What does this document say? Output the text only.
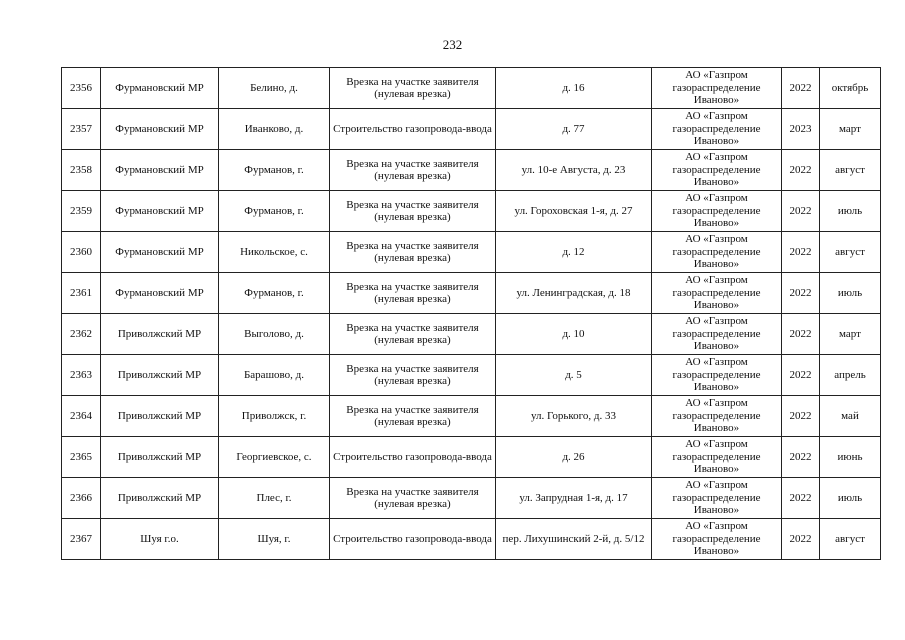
232
2356	Фурмановский МР	Белино, д.	Врезка на участке заявителя (нулевая врезка)	д. 16	АО «Газпром газораспределение Иваново»	2022	октябрь
2357	Фурмановский МР	Иванково, д.	Строительство газопровода-ввода	д. 77	АО «Газпром газораспределение Иваново»	2023	март
2358	Фурмановский МР	Фурманов, г.	Врезка на участке заявителя (нулевая врезка)	ул. 10-е Августа, д. 23	АО «Газпром газораспределение Иваново»	2022	август
2359	Фурмановский МР	Фурманов, г.	Врезка на участке заявителя (нулевая врезка)	ул. Гороховская 1-я, д. 27	АО «Газпром газораспределение Иваново»	2022	июль
2360	Фурмановский МР	Никольское, с.	Врезка на участке заявителя (нулевая врезка)	д. 12	АО «Газпром газораспределение Иваново»	2022	август
2361	Фурмановский МР	Фурманов, г.	Врезка на участке заявителя (нулевая врезка)	ул. Ленинградская, д. 18	АО «Газпром газораспределение Иваново»	2022	июль
2362	Приволжский МР	Выголово, д.	Врезка на участке заявителя (нулевая врезка)	д. 10	АО «Газпром газораспределение Иваново»	2022	март
2363	Приволжский МР	Барашово, д.	Врезка на участке заявителя (нулевая врезка)	д. 5	АО «Газпром газораспределение Иваново»	2022	апрель
2364	Приволжский МР	Приволжск, г.	Врезка на участке заявителя (нулевая врезка)	ул. Горького, д. 33	АО «Газпром газораспределение Иваново»	2022	май
2365	Приволжский МР	Георгиевское, с.	Строительство газопровода-ввода	д. 26	АО «Газпром газораспределение Иваново»	2022	июнь
2366	Приволжский МР	Плес, г.	Врезка на участке заявителя (нулевая врезка)	ул. Запрудная 1-я, д. 17	АО «Газпром газораспределение Иваново»	2022	июль
2367	Шуя г.о.	Шуя, г.	Строительство газопровода-ввода	пер. Лихушинский 2-й, д. 5/12	АО «Газпром газораспределение Иваново»	2022	август
